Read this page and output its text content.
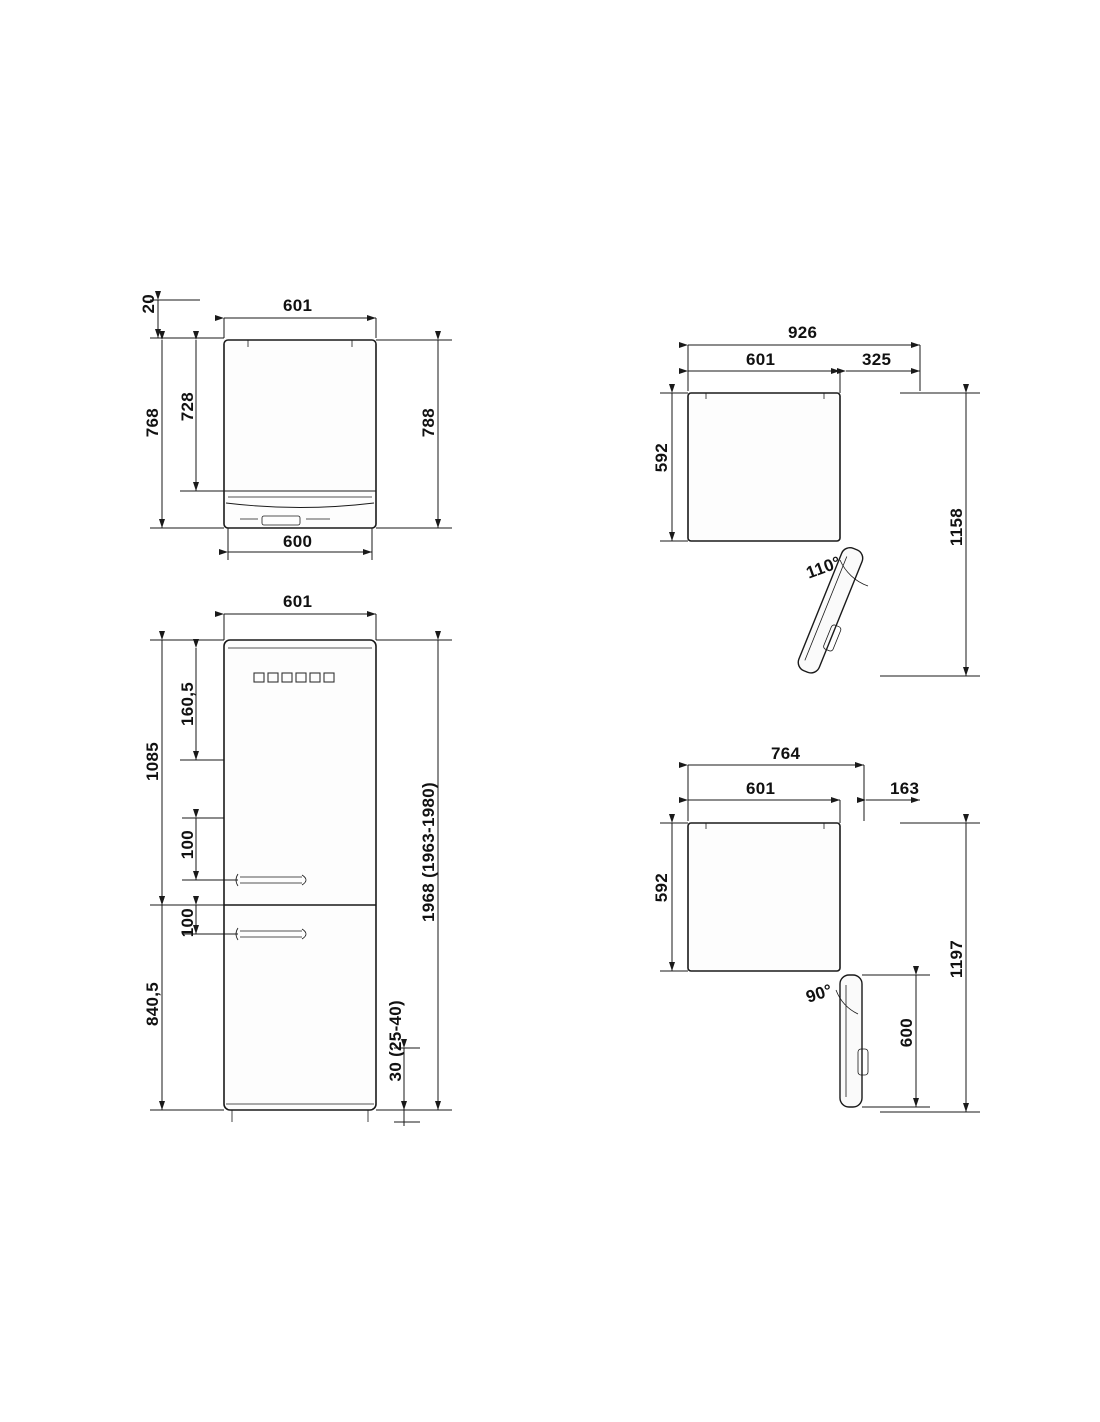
601
20
768
728
788
600
601
160,5
1085
100
100
840,5
1968 (1963-1980)
30 (25-40)
926
601	325
592
1158
110°
764
601	163
592
1197
600
90°
